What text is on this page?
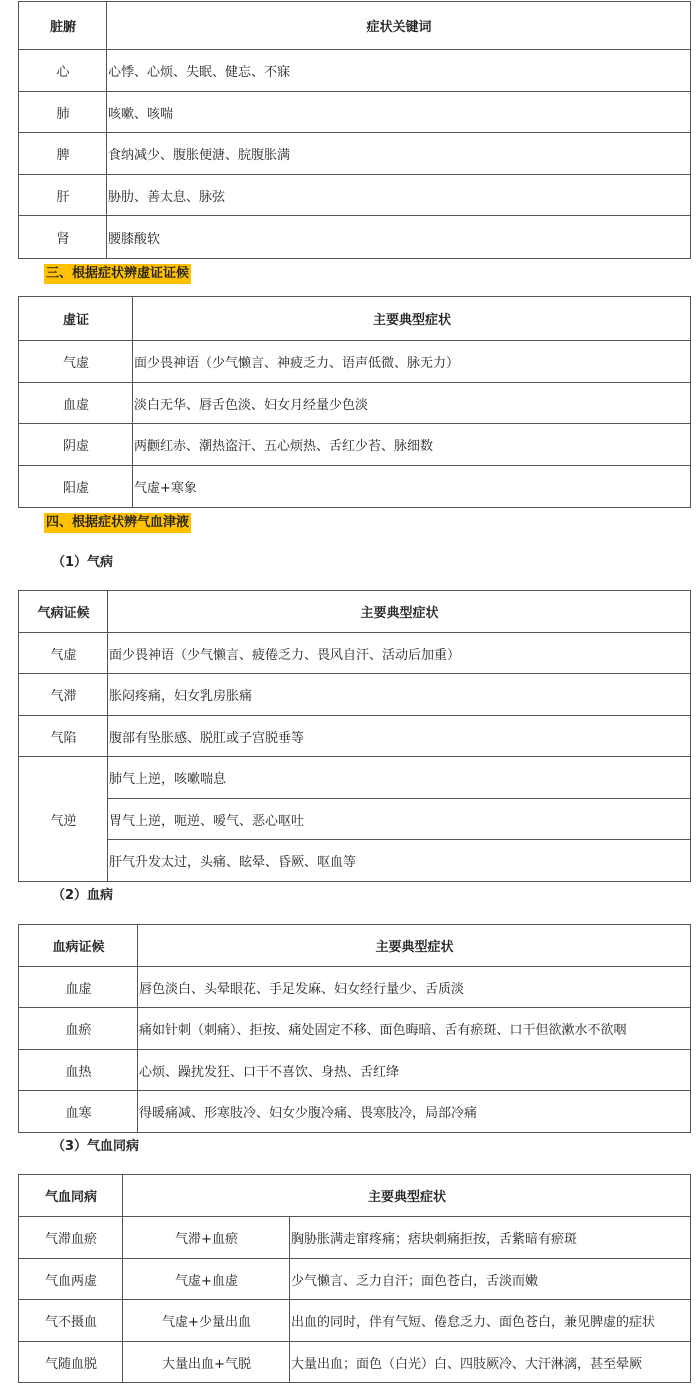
脏腑	症状关键词
心	心悸、心烦、失眠、健忘、不寐
肺	咳嗽、咳喘
脾	食纳减少、腹胀便溏、脘腹胀满
肝	胁肋、善太息、脉弦
肾	腰膝酸软
三、根据症状辨虚证证候
虚证	主要典型症状
气虚	面少畏神语（少气懒言、神疲乏力、语声低微、脉无力）
血虚	淡白无华、唇舌色淡、妇女月经量少色淡
阴虚	两颧红赤、潮热盗汗、五心烦热、舌红少苔、脉细数
阳虚	气虚+寒象
四、根据症状辨气血津液
（1）气病
气病证候	主要典型症状
气虚	面少畏神语（少气懒言、疲倦乏力、畏风自汗、活动后加重）
气滞	胀闷疼痛，妇女乳房胀痛
气陷	腹部有坠胀感、脱肛或子宫脱垂等
气逆	肺气上逆，咳嗽喘息
	胃气上逆，呃逆、嗳气、恶心呕吐
	肝气升发太过，头痛、眩晕、昏厥、呕血等
（2）血病
血病证候	主要典型症状
血虚	唇色淡白、头晕眼花、手足发麻、妇女经行量少、舌质淡
血瘀	痛如针刺（刺痛）、拒按、痛处固定不移、面色晦暗、舌有瘀斑、口干但欲漱水不欲咽
血热	心烦、躁扰发狂、口干不喜饮、身热、舌红绛
血寒	得暖痛减、形寒肢冷、妇女少腹冷痛、畏寒肢冷，局部冷痛
（3）气血同病
气血同病	主要典型症状	
气滞血瘀	气滞+血瘀	胸胁胀满走窜疼痛；痞块刺痛拒按，舌紫暗有瘀斑
气血两虚	气虚+血虚	少气懒言、乏力自汗；面色苍白，舌淡而嫩
气不摄血	气虚+少量出血	出血的同时，伴有气短、倦怠乏力、面色苍白，兼见脾虚的症状
气随血脱	大量出血+气脱	大量出血；面色（白光）白、四肢厥冷、大汗淋漓，甚至晕厥
